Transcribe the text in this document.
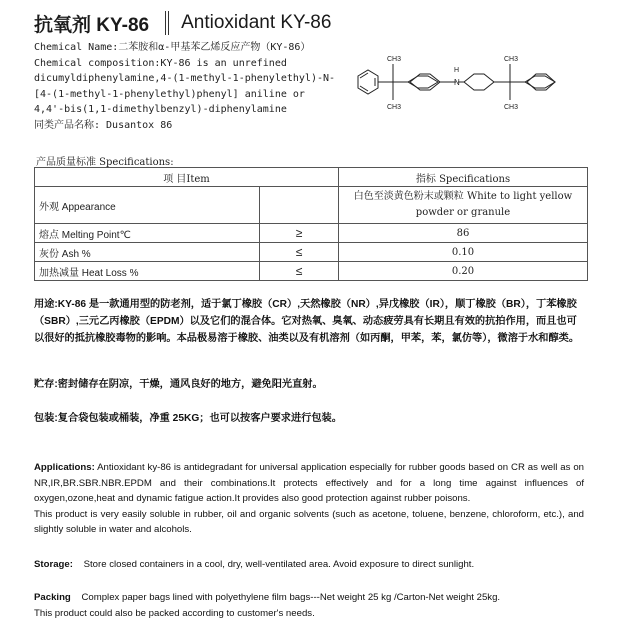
抗氧剂 KY-86 Antioxidant KY-86
Chemical Name:二苯胺和α-甲基苯乙烯反应产物（KY-86）
Chemical composition:KY-86 is an unrefined
dicumyldiphenylamine,4-(1-methyl-1-phenylethyl)-N-
[4-(1-methyl-1-phenylethyl)phenyl] aniline or
4,4'-bis(1,1-dimethylbenzyl)-diphenylamine
同类产品名称: Dusantox 86
CH3
CH3
H
N
CH3
CH3
产品质量标准 Specifications:
项 目Item		指标 Specifications
外观 Appearance		白色至淡黄色粉末或颗粒 White to light yellow powder or granule
熔点 Melting Point℃	≥	86
灰份 Ash %	≤	0.10
加热减量 Heat Loss %	≤	0.20
用途:KY-86 是一款通用型的防老剂，适于氯丁橡胶（CR）,天然橡胶（NR）,异戊橡胶（IR），顺丁橡胶（BR），丁苯橡胶（SBR）,三元乙丙橡胶（EPDM）以及它们的混合体。它对热氧、臭氧、动态疲劳具有长期且有效的抗拍作用，而且也可以很好的抵抗橡胶毒物的影响。本品极易溶于橡胶、油类以及有机溶剂（如丙酮，甲苯，苯，氯仿等），微溶于水和醇类。
贮存:密封储存在阴凉，干燥，通风良好的地方，避免阳光直射。
包装:复合袋包装或桶装，净重 25KG；也可以按客户要求进行包装。
Applications: Antioxidant ky-86 is antidegradant for universal application especially for rubber goods based on CR as well as on NR,IR,BR.SBR.NBR.EPDM and their combinations.It protects effectively and for a long time against influences of oxygen,ozone,heat and dynamic fatigue action.It provides also good protection against rubber poisons.
This product is very easily soluble in rubber, oil and organic solvents (such as acetone, toluene, benzene, chloroform, etc.), and slightly soluble in water and alcohols.
Storage: Store closed containers in a cool, dry, well-ventilated area. Avoid exposure to direct sunlight.
Packing Complex paper bags lined with polyethylene film bags---Net weight 25 kg /Carton-Net weight 25kg.
This product could also be packed according to customer's needs.
